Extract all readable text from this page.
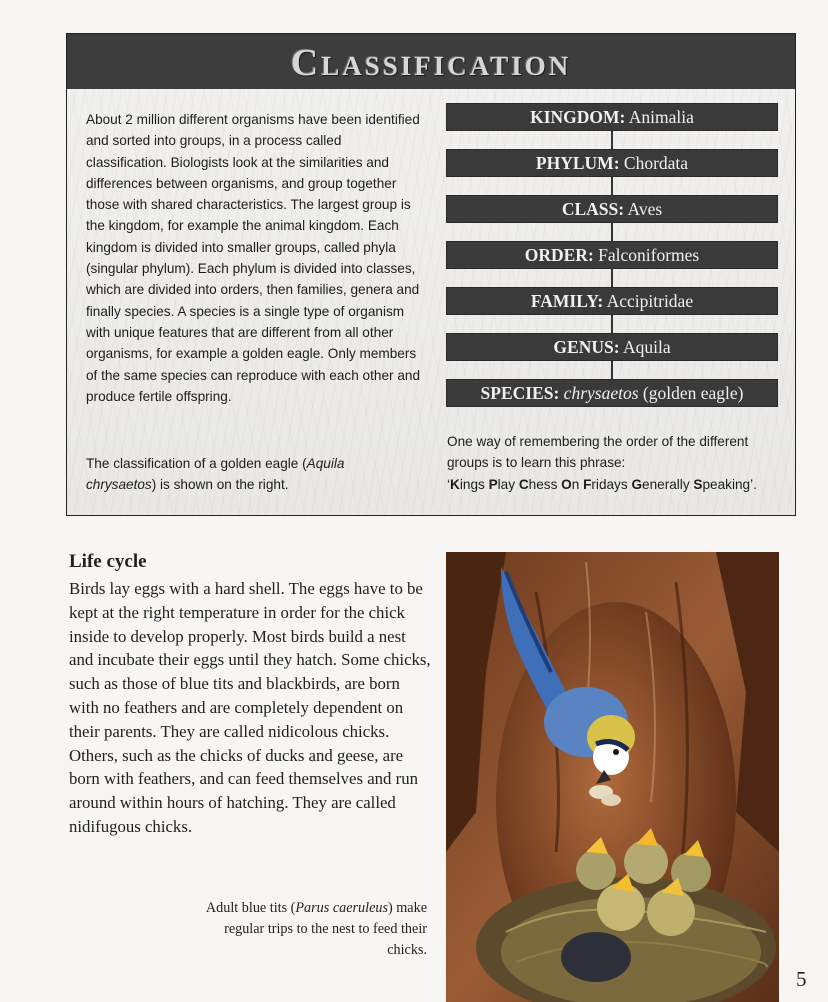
Classification
About 2 million different organisms have been identified and sorted into groups, in a process called classification. Biologists look at the similarities and differences between organisms, and group together those with shared characteristics. The largest group is the kingdom, for example the animal kingdom. Each kingdom is divided into smaller groups, called phyla (singular phylum). Each phylum is divided into classes, which are divided into orders, then families, genera and finally species. A species is a single type of organism with unique features that are different from all other organisms, for example a golden eagle. Only members of the same species can reproduce with each other and produce fertile offspring.
The classification of a golden eagle (Aquila chrysaetos) is shown on the right.
KINGDOM: Animalia
PHYLUM: Chordata
CLASS: Aves
ORDER: Falconiformes
FAMILY: Accipitridae
GENUS: Aquila
SPECIES: chrysaetos (golden eagle)
One way of remembering the order of the different groups is to learn this phrase:
‘Kings Play Chess On Fridays Generally Speaking’.
Life cycle
Birds lay eggs with a hard shell. The eggs have to be kept at the right temperature in order for the chick inside to develop properly. Most birds build a nest and incubate their eggs until they hatch. Some chicks, such as those of blue tits and blackbirds, are born with no feathers and are completely dependent on their parents. They are called nidicolous chicks. Others, such as the chicks of ducks and geese, are born with feathers, and can feed themselves and run around within hours of hatching. They are called nidifugous chicks.
Adult blue tits (Parus caeruleus) make regular trips to the nest to feed their chicks.
5
